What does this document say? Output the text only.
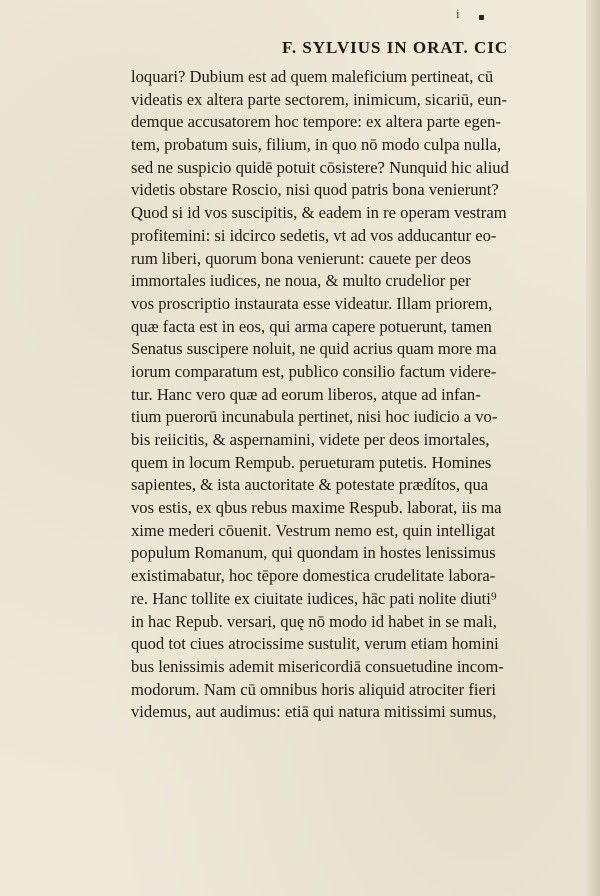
i
F. SYLVIUS IN ORAT. CIC
loquari? Dubium est ad quem maleficium pertineat, cū
videatis ex altera parte sectorem, inimicum, sicariū, eun-
demque accusatorem hoc tempore: ex altera parte egen-
tem, probatum suis, filium, in quo nō modo culpa nulla,
sed ne suspicio quidē potuit cōsistere? Nunquid hic aliud
videtis obstare Roscio, nisi quod patris bona venierunt?
Quod si id vos suscipitis, & eadem in re operam vestram
profitemini: si idcirco sedetis, vt ad vos adducantur eo-
rum liberi, quorum bona venierunt: cauete per deos
immortales iudices, ne noua, & multo crudelior per
vos proscriptio instaurata esse videatur. Illam priorem,
quæ facta est in eos, qui arma capere potuerunt, tamen
Senatus suscipere noluit, ne quid acrius quam more ma
iorum comparatum est, publico consilio factum videre-
tur. Hanc vero quæ ad eorum liberos, atque ad infan-
tium puerorū incunabula pertinet, nisi hoc iudicio a vo-
bis reiicitis, & aspernamini, videte per deos imortales,
quem in locum Rempub. perueturam putetis. Homines
sapientes, & ista auctoritate & potestate prædítos, qua
vos estis, ex qbus rebus maxime Respub. laborat, iis ma
xime mederi cōuenit. Vestrum nemo est, quin intelligat
populum Romanum, qui quondam in hostes lenissimus
existimabatur, hoc tēpore domestica crudelitate labora-
re. Hanc tollite ex ciuitate iudices, hāc pati nolite diuti⁹
in hac Repub. versari, quę nō modo id habet in se mali,
quod tot ciues atrocissime sustulit, verum etiam homini
bus lenissimis ademit misericordiā consuetudine incom-
modorum. Nam cū omnibus horis aliquid atrociter fieri
videmus, aut audimus: etiā qui natura mitissimi sumus,
